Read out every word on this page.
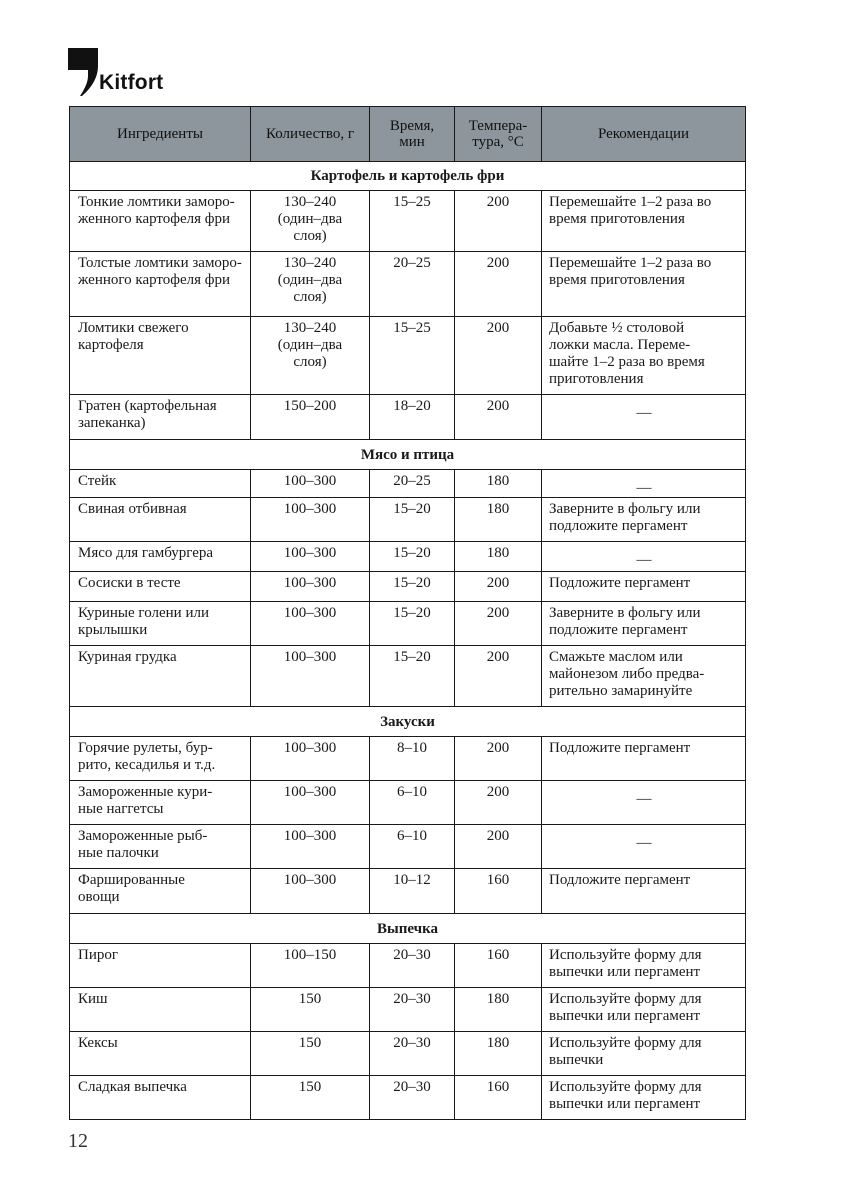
Kitfort
Ингредиенты	Количество, г	Время,
мин	Темпера-
тура, °С	Рекомендации
Картофель и картофель фри				

Тонкие ломтики заморо-
женного картофеля фри	130–240
(один–два
слоя)	15–25	200	Перемешайте 1–2 раза во
время приготовления

Толстые ломтики заморо-
женного картофеля фри	130–240
(один–два
слоя)	20–25	200	Перемешайте 1–2 раза во
время приготовления

Ломтики свежего
картофеля	130–240
(один–два
слоя)	15–25	200	Добавьте ½ столовой
ложки масла. Переме-
шайте 1–2 раза во время
приготовления

Гратен (картофельная
запеканка)	150–200	18–20	200	—

Мясо и птица				

Стейк	100–300	20–25	180	—

Свиная отбивная	100–300	15–20	180	Заверните в фольгу или
подложите пергамент

Мясо для гамбургера	100–300	15–20	180	—

Сосиски в тесте	100–300	15–20	200	Подложите пергамент

Куриные голени или
крылышки	100–300	15–20	200	Заверните в фольгу или
подложите пергамент

Куриная грудка	100–300	15–20	200	Смажьте маслом или
майонезом либо предва-
рительно замаринуйте

Закуски				

Горячие рулеты, бур-
рито, кесадилья и т.д.	100–300	8–10	200	Подложите пергамент

Замороженные кури-
ные наггетсы	100–300	6–10	200	—

Замороженные рыб-
ные палочки	100–300	6–10	200	—

Фаршированные
овощи	100–300	10–12	160	Подложите пергамент

Выпечка				

Пирог	100–150	20–30	160	Используйте форму для
выпечки или пергамент

Киш	150	20–30	180	Используйте форму для
выпечки или пергамент

Кексы	150	20–30	180	Используйте форму для
выпечки

Сладкая выпечка	150	20–30	160	Используйте форму для
выпечки или пергамент
12
